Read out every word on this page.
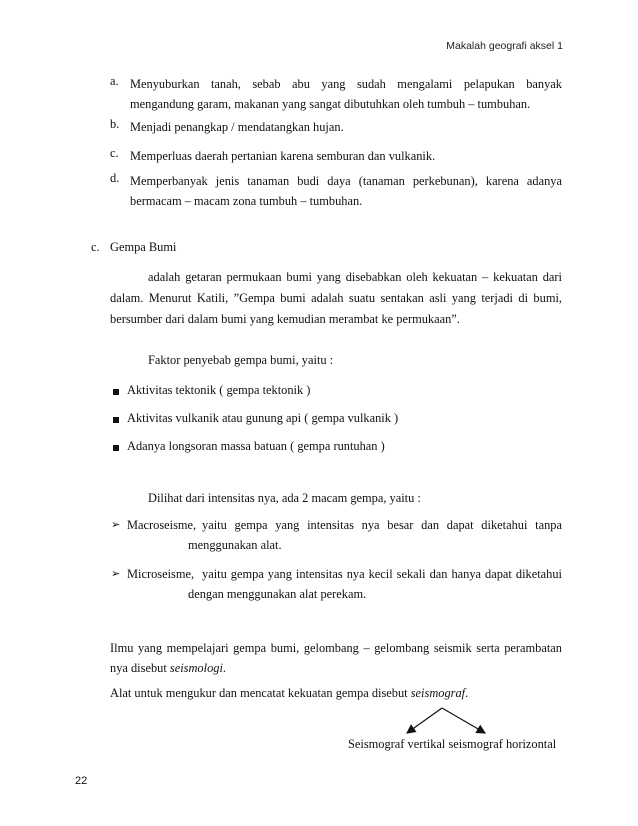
Makalah geografi aksel 1
a. Menyuburkan tanah, sebab abu yang sudah mengalami pelapukan banyak mengandung garam, makanan yang sangat dibutuhkan oleh tumbuh – tumbuhan.
b. Menjadi penangkap / mendatangkan hujan.
c. Memperluas daerah pertanian karena semburan dan vulkanik.
d. Memperbanyak jenis tanaman budi daya (tanaman perkebunan), karena adanya bermacam – macam zona tumbuh – tumbuhan.
c. Gempa Bumi
adalah getaran permukaan bumi yang disebabkan oleh kekuatan – kekuatan dari dalam. Menurut Katili, ”Gempa bumi adalah suatu sentakan asli yang terjadi di bumi, bersumber dari dalam bumi yang kemudian merambat ke permukaan”.
Faktor penyebab gempa bumi, yaitu :
Aktivitas tektonik ( gempa tektonik )
Aktivitas vulkanik atau gunung api ( gempa vulkanik )
Adanya longsoran massa batuan ( gempa runtuhan )
Dilihat dari intensitas nya, ada 2 macam gempa, yaitu :
➢ Macroseisme, yaitu gempa yang intensitas nya besar dan dapat diketahui tanpa
menggunakan alat.
➢ Microseisme, yaitu gempa yang intensitas nya kecil sekali dan hanya dapat diketahui
dengan menggunakan alat perekam.
Ilmu yang mempelajari gempa bumi, gelombang – gelombang seismik serta perambatan nya disebut seismologi.
Alat untuk mengukur dan mencatat kekuatan gempa disebut seismograf.
Seismograf vertikal seismograf horizontal
22
